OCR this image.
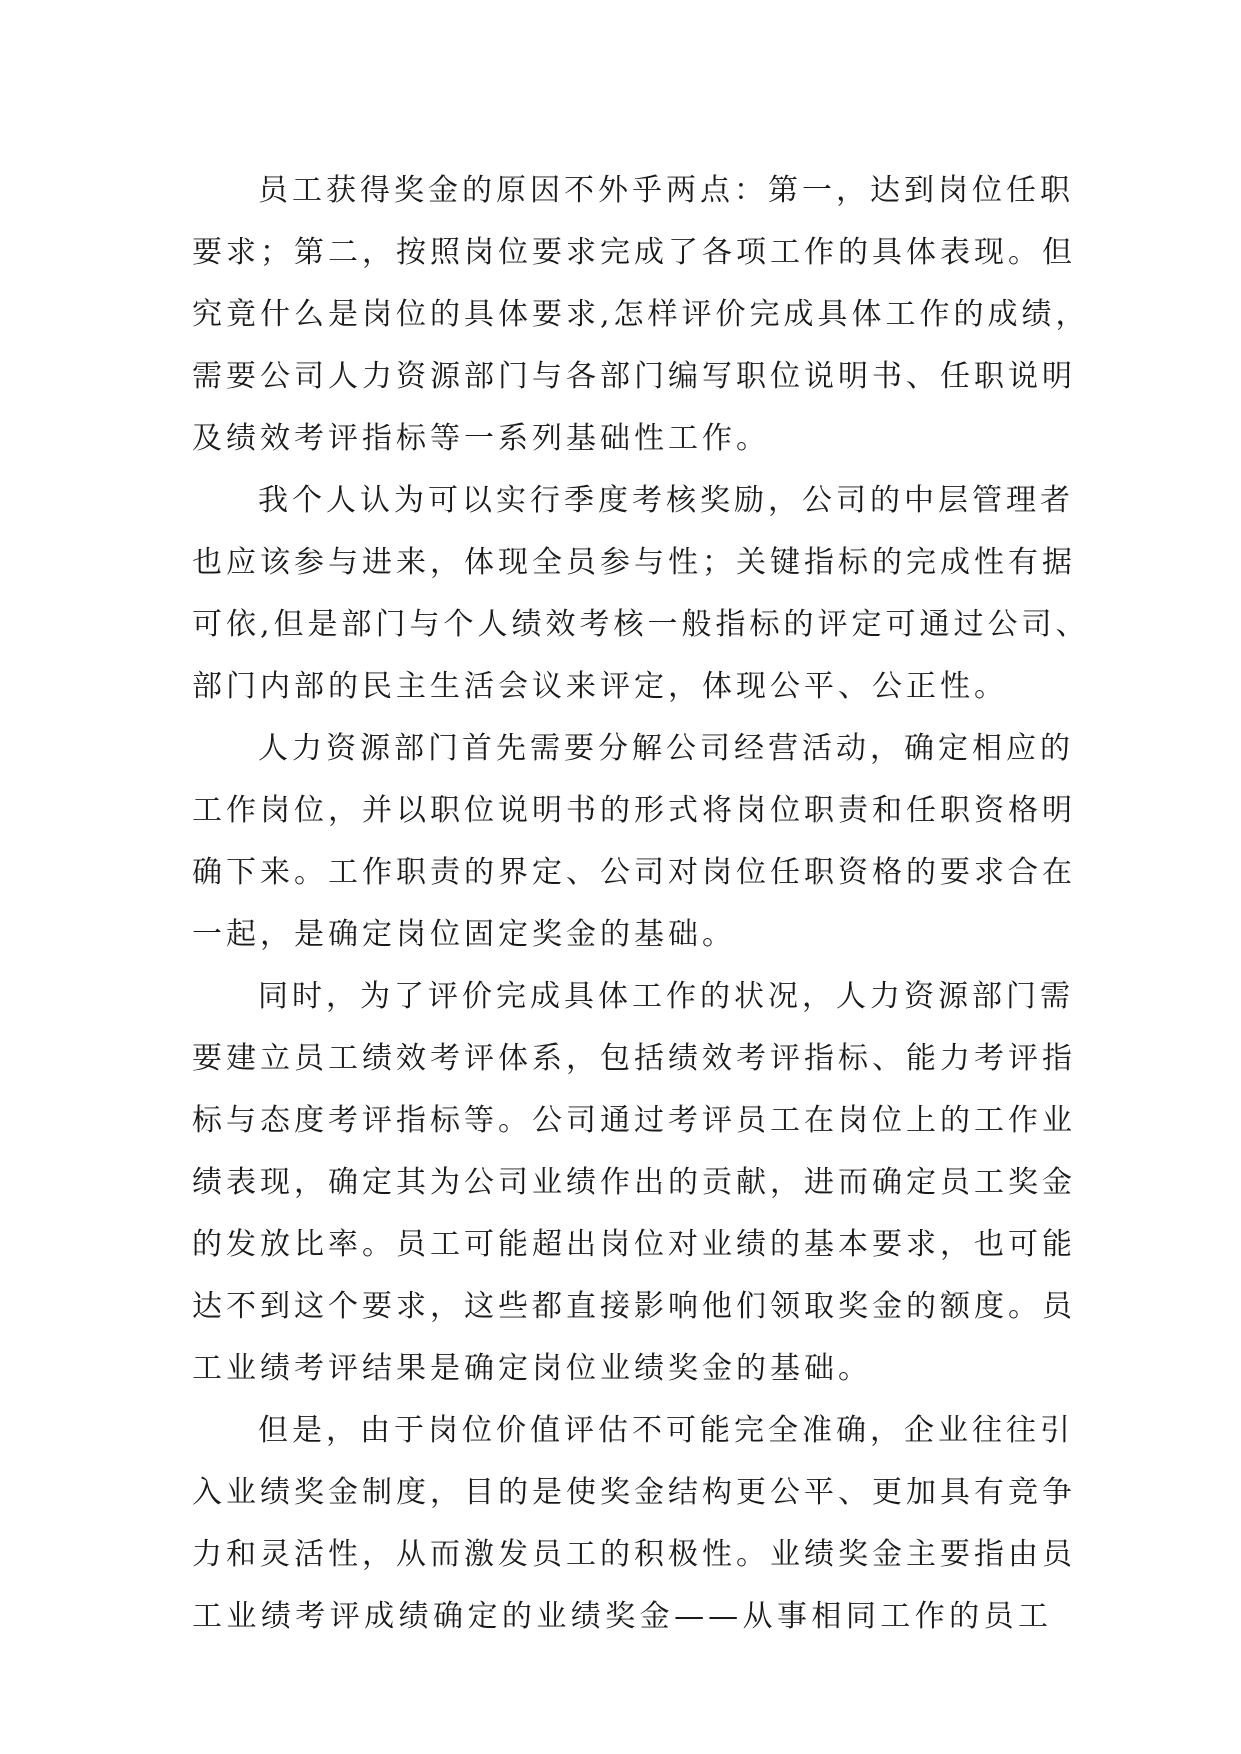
员工获得奖金的原因不外乎两点：第一，达到岗位任职
要求；第二，按照岗位要求完成了各项工作的具体表现。但
究竟什么是岗位的具体要求,怎样评价完成具体工作的成绩，
需要公司人力资源部门与各部门编写职位说明书、任职说明
及绩效考评指标等一系列基础性工作。
我个人认为可以实行季度考核奖励，公司的中层管理者
也应该参与进来，体现全员参与性；关键指标的完成性有据
可依,但是部门与个人绩效考核一般指标的评定可通过公司、
部门内部的民主生活会议来评定，体现公平、公正性。
人力资源部门首先需要分解公司经营活动，确定相应的
工作岗位，并以职位说明书的形式将岗位职责和任职资格明
确下来。工作职责的界定、公司对岗位任职资格的要求合在
一起，是确定岗位固定奖金的基础。
同时，为了评价完成具体工作的状况，人力资源部门需
要建立员工绩效考评体系，包括绩效考评指标、能力考评指
标与态度考评指标等。公司通过考评员工在岗位上的工作业
绩表现，确定其为公司业绩作出的贡献，进而确定员工奖金
的发放比率。员工可能超出岗位对业绩的基本要求，也可能
达不到这个要求，这些都直接影响他们领取奖金的额度。员
工业绩考评结果是确定岗位业绩奖金的基础。
但是，由于岗位价值评估不可能完全准确，企业往往引
入业绩奖金制度，目的是使奖金结构更公平、更加具有竞争
力和灵活性，从而激发员工的积极性。业绩奖金主要指由员
工业绩考评成绩确定的业绩奖金——从事相同工作的员工
